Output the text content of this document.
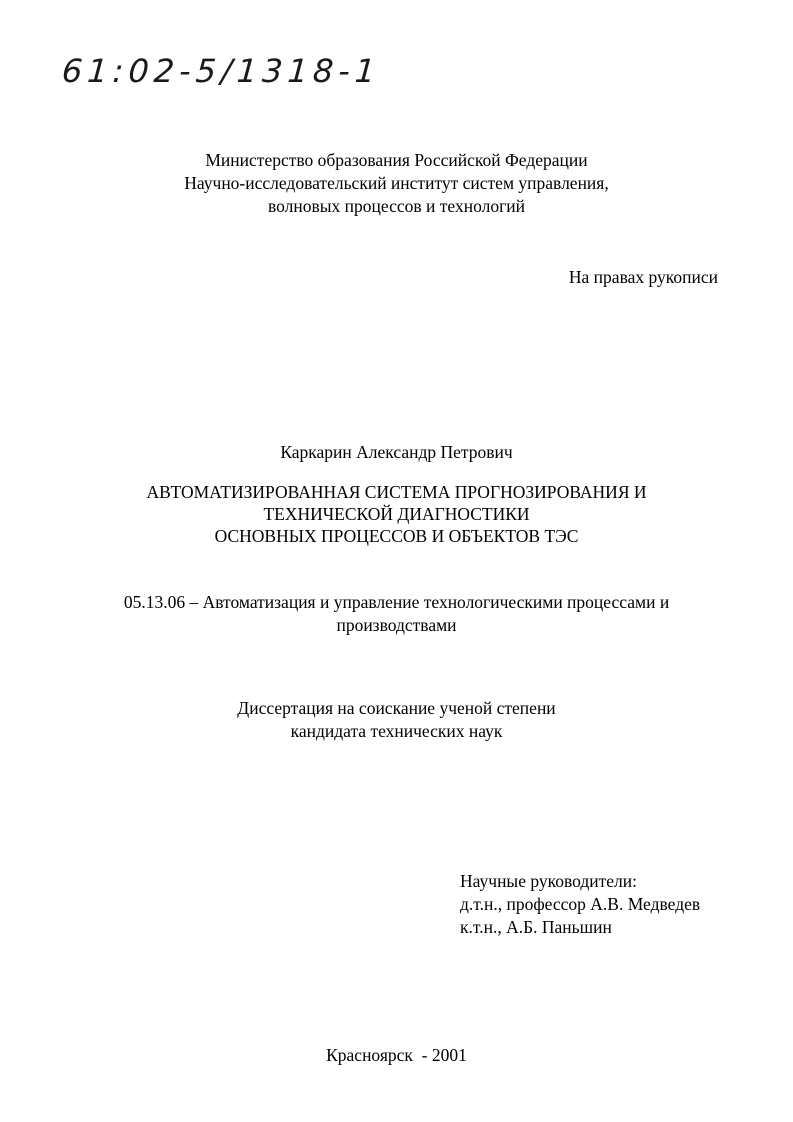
61:02-5/1318-1
Министерство образования Российской Федерации
Научно-исследовательский институт систем управления,
волновых процессов и технологий
На правах рукописи
Каркарин Александр Петрович
АВТОМАТИЗИРОВАННАЯ СИСТЕМА ПРОГНОЗИРОВАНИЯ И
ТЕХНИЧЕСКОЙ ДИАГНОСТИКИ
ОСНОВНЫХ ПРОЦЕССОВ И ОБЪЕКТОВ ТЭС
05.13.06 – Автоматизация и управление технологическими процессами и
производствами
Диссертация на соискание ученой степени
кандидата технических наук
Научные руководители:
д.т.н., профессор А.В. Медведев
к.т.н., А.Б. Паньшин
Красноярск  - 2001
